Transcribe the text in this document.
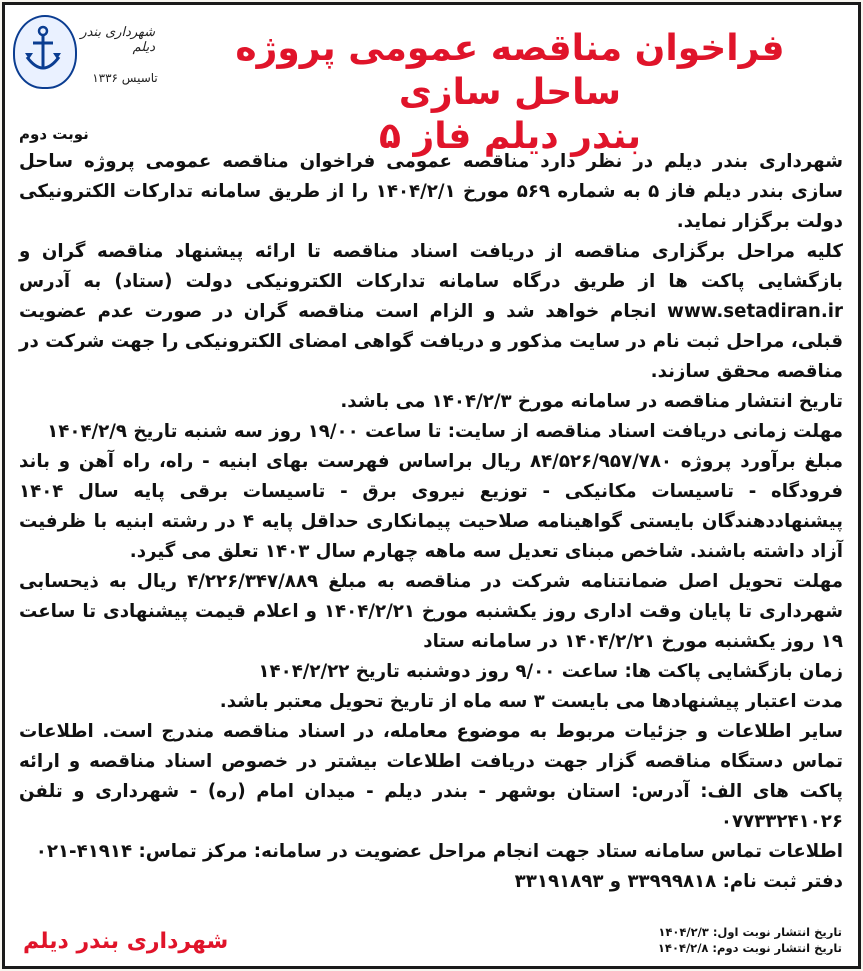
شهرداری بندر دیلم
تاسیس ۱۳۳۶
فراخوان مناقصه عمومی پروژه ساحل سازی
بندر دیلم فاز ۵
نوبت دوم

شهرداری بندر دیلم در نظر دارد مناقصه عمومی فراخوان مناقصه عمومی پروژه ساحل سازی بندر دیلم فاز ۵ به شماره ۵۶۹ مورخ ۱۴۰۴/۲/۱ را از طریق سامانه تدارکات الکترونیکی دولت برگزار نماید.

کلیه مراحل برگزاری مناقصه از دریافت اسناد مناقصه تا ارائه پیشنهاد مناقصه گران و بازگشایی پاکت ها از طریق درگاه سامانه تدارکات الکترونیکی دولت (ستاد) به آدرس www.setadiran.ir انجام خواهد شد و الزام است مناقصه گران در صورت عدم عضویت قبلی، مراحل ثبت نام در سایت مذکور و دریافت گواهی امضای الکترونیکی را جهت شرکت در مناقصه محقق سازند.

تاریخ انتشار مناقصه در سامانه مورخ ۱۴۰۴/۲/۳ می باشد.

مهلت زمانی دریافت اسناد مناقصه از سایت: تا ساعت ۱۹/۰۰ روز سه شنبه تاریخ ۱۴۰۴/۲/۹

مبلغ برآورد پروژه ۸۴/۵۲۶/۹۵۷/۷۸۰ ریال براساس فهرست بهای ابنیه - راه، راه آهن و باند فرودگاه - تاسیسات مکانیکی - توزیع نیروی برق - تاسیسات برقی پایه سال ۱۴۰۴ پیشنهاددهندگان بایستی گواهینامه صلاحیت پیمانکاری حداقل پایه ۴ در رشته ابنیه با ظرفیت آزاد داشته باشند. شاخص مبنای تعدیل سه ماهه چهارم سال ۱۴۰۳ تعلق می گیرد.

مهلت تحویل اصل ضمانتنامه شرکت در مناقصه به مبلغ ۴/۲۲۶/۳۴۷/۸۸۹ ریال به ذیحسابی شهرداری تا پایان وقت اداری روز یکشنبه مورخ ۱۴۰۴/۲/۲۱ و اعلام قیمت پیشنهادی تا ساعت ۱۹ روز یکشنبه مورخ ۱۴۰۴/۲/۲۱ در سامانه ستاد

زمان بازگشایی پاکت ها: ساعت ۹/۰۰ روز دوشنبه تاریخ ۱۴۰۴/۲/۲۲

مدت اعتبار پیشنهادها می بایست ۳ سه ماه از تاریخ تحویل معتبر باشد.

سایر اطلاعات و جزئیات مربوط به موضوع معامله، در اسناد مناقصه مندرج است. اطلاعات تماس دستگاه مناقصه گزار جهت دریافت اطلاعات بیشتر در خصوص اسناد مناقصه و ارائه پاکت های الف: آدرس: استان بوشهر - بندر دیلم - میدان امام (ره) - شهرداری و تلفن ۰۷۷۳۳۲۴۱۰۲۶

اطلاعات تماس سامانه ستاد جهت انجام مراحل عضویت در سامانه: مرکز تماس: ۴۱۹۱۴-۰۲۱

دفتر ثبت نام: ۳۳۹۹۹۸۱۸ و ۳۳۱۹۱۸۹۳

تاریخ انتشار نوبت اول: ۱۴۰۴/۲/۳
تاریخ انتشار نوبت دوم: ۱۴۰۴/۲/۸
شهرداری بندر دیلم
